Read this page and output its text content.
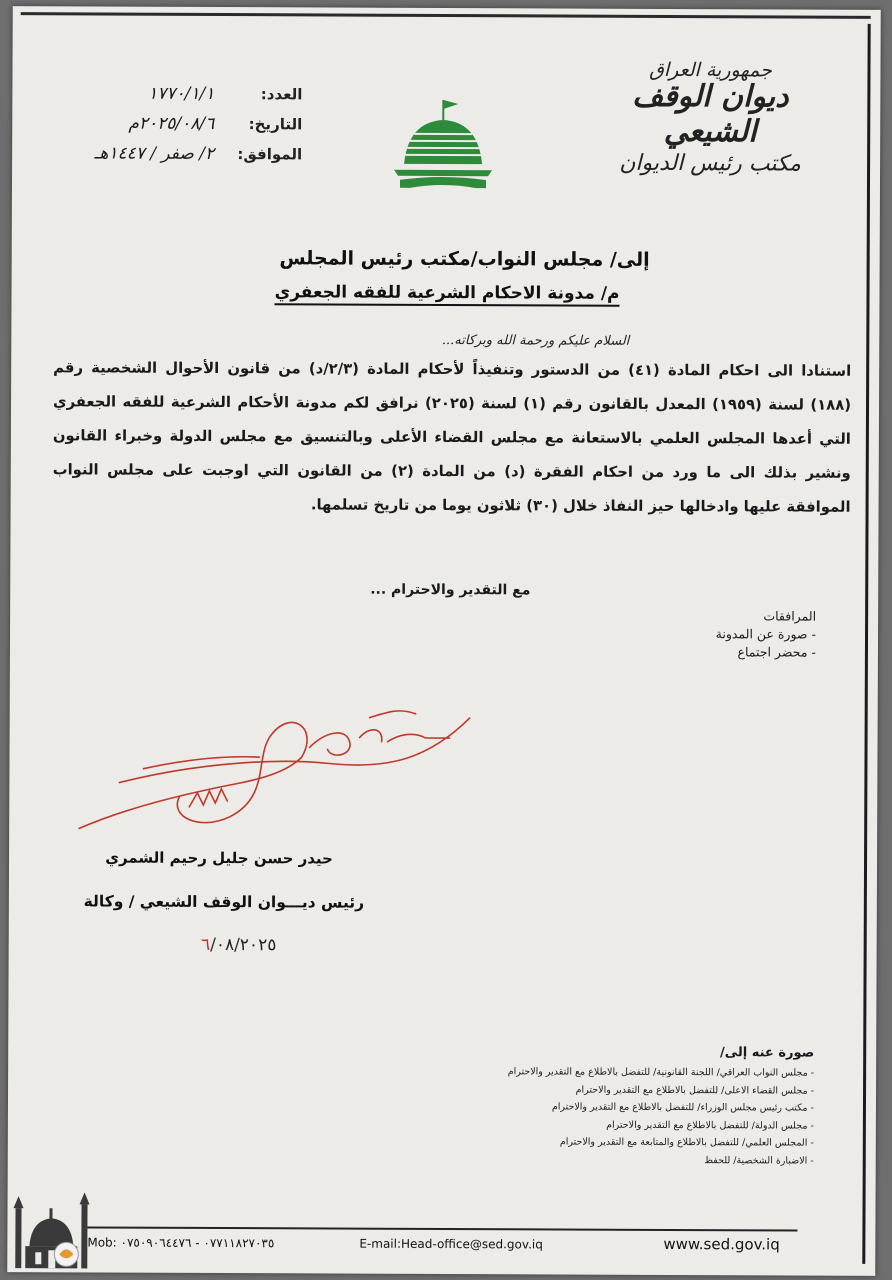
جمهورية العراق
ديوان الوقف الشيعي
مكتب رئيس الديوان
العدد:
١٧٧٠/١/١
التاريخ:
٢٠٢٥/٠٨/٦م
الموافق:
٢/ صفر / ١٤٤٧هـ
إلى/ مجلس النواب/مكتب رئيس المجلس
م/ مدونة الاحكام الشرعية للفقه الجعفري
السلام عليكم ورحمة الله وبركاته...

استنادا الى احكام المادة (٤١) من الدستور وتنفيذاً لأحكام المادة (٢/٣/د) من قانون الأحوال الشخصية رقم (١٨٨) لسنة (١٩٥٩) المعدل بالقانون رقم (١) لسنة (٢٠٢٥) نرافق لكم مدونة الأحكام الشرعية للفقه الجعفري التي أعدها المجلس العلمي بالاستعانة مع مجلس القضاء الأعلى وبالتنسيق مع مجلس الدولة وخبراء القانون ونشير بذلك الى ما ورد من احكام الفقرة (د) من المادة (٢) من القانون التي اوجبت على مجلس النواب الموافقة عليها وادخالها حيز النفاذ خلال (٣٠) ثلاثون يوما من تاريخ تسلمها.

مع التقدير والاحترام ...
المرافقات
- صورة عن المدونة
- محضر اجتماع
حيدر حسن جليل رحيم الشمري
رئيس ديـــوان الوقف الشيعي / وكالة
٦/٠٨/٢٠٢٥
صورة عنه إلى/
- مجلس النواب العراقي/ اللجنة القانونية/ للتفضل بالاطلاع مع التقدير والاحترام
- مجلس القضاء الاعلى/ للتفضل بالاطلاع مع التقدير والاحترام
- مكتب رئيس مجلس الوزراء/ للتفضل بالاطلاع مع التقدير والاحترام
- مجلس الدولة/ للتفضل بالاطلاع مع التقدير والاحترام
- المجلس العلمي/ للتفضل بالاطلاع والمتابعة مع التقدير والاحترام
- الاضبارة الشخصية/ للحفظ
Mob: ٠٧٧١١٨٢٧٠٣٥ - ٠٧٥٠٩٠٦٤٤٧٦	E-mail:Head-office@sed.gov.iq	www.sed.gov.iq
